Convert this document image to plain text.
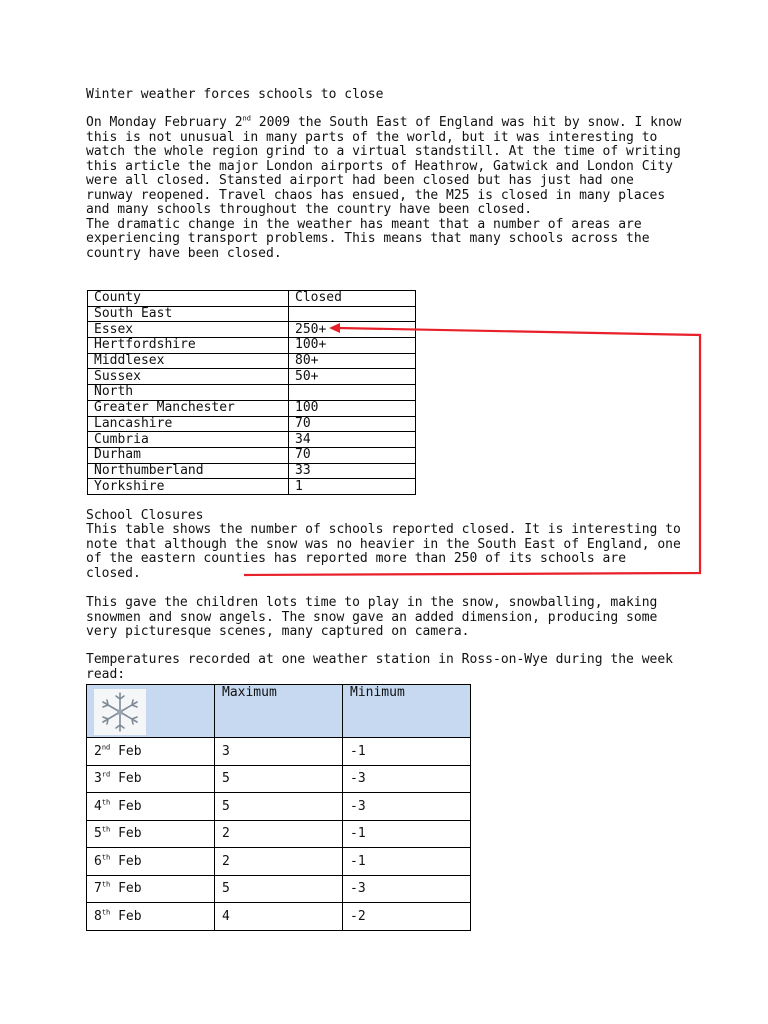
Winter weather forces schools to close
On Monday February 2nd 2009 the South East of England was hit by snow. I know this is not unusual in many parts of the world, but it was interesting to watch the whole region grind to a virtual standstill. At the time of writing this article the major London airports of Heathrow, Gatwick and London City were all closed. Stansted airport had been closed but has just had one runway reopened. Travel chaos has ensued, the M25 is closed in many places and many schools throughout the country have been closed.
The dramatic change in the weather has meant that a number of areas are experiencing transport problems. This means that many schools across the country have been closed.
County	Closed
South East	
Essex	250+
Hertfordshire	100+
Middlesex	80+
Sussex	50+
North	
Greater Manchester	100
Lancashire	70
Cumbria	34
Durham	70
Northumberland	33
Yorkshire	1
School Closures
This table shows the number of schools reported closed. It is interesting to note that although the snow was no heavier in the South East of England, one of the eastern counties has reported more than 250 of its schools are closed.
This gave the children lots time to play in the snow, snowballing, making snowmen and snow angels. The snow gave an added dimension, producing some very picturesque scenes, many captured on camera.
Temperatures recorded at one weather station in Ross-on-Wye during the week read:
	Maximum	Minimum
2nd Feb	3	-1
3rd Feb	5	-3
4th Feb	5	-3
5th Feb	2	-1
6th Feb	2	-1
7th Feb	5	-3
8th Feb	4	-2
